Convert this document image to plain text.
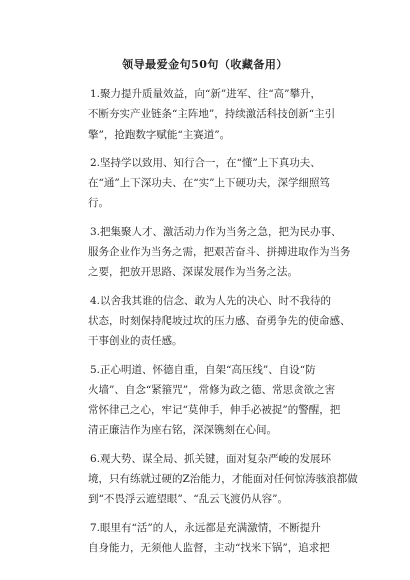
领导最爱金句50句（收藏备用）

1.聚力提升质量效益，向“新”进军、往“高”攀升，
不断夯实产业链条“主阵地”，持续激活科技创新“主引
擎”，抢跑数字赋能“主赛道”。

2.坚持学以致用、知行合一，在“懂”上下真功夫、
在“通”上下深功夫、在“实”上下硬功夫，深学细照笃
行。

3.把集聚人才、激活动力作为当务之急，把为民办事、
服务企业作为当务之需，把艰苦奋斗、拼搏进取作为当务
之要，把放开思路、深谋发展作为当务之法。

4.以舍我其谁的信念、敢为人先的决心、时不我待的
状态，时刻保持爬坡过坎的压力感、奋勇争先的使命感、
干事创业的责任感。

5.正心明道、怀德自重，自架“高压线”、自设“防
火墙”、自念“紧箍咒”，常修为政之德、常思贪欲之害
常怀律己之心，牢记“莫伸手，伸手必被捉”的警醒，把
清正廉洁作为座右铭，深深镌刻在心间。

6.观大势、谋全局、抓关键，面对复杂严峻的发展环
境，只有练就过硬的Z治能力，才能面对任何惊涛骇浪都做
到“不畏浮云遮望眼”、“乱云飞渡仍从容”。

7.眼里有“活”的人，永远都是充满激情，不断提升
自身能力，无须他人监督，主动“找米下锅”，追求把
